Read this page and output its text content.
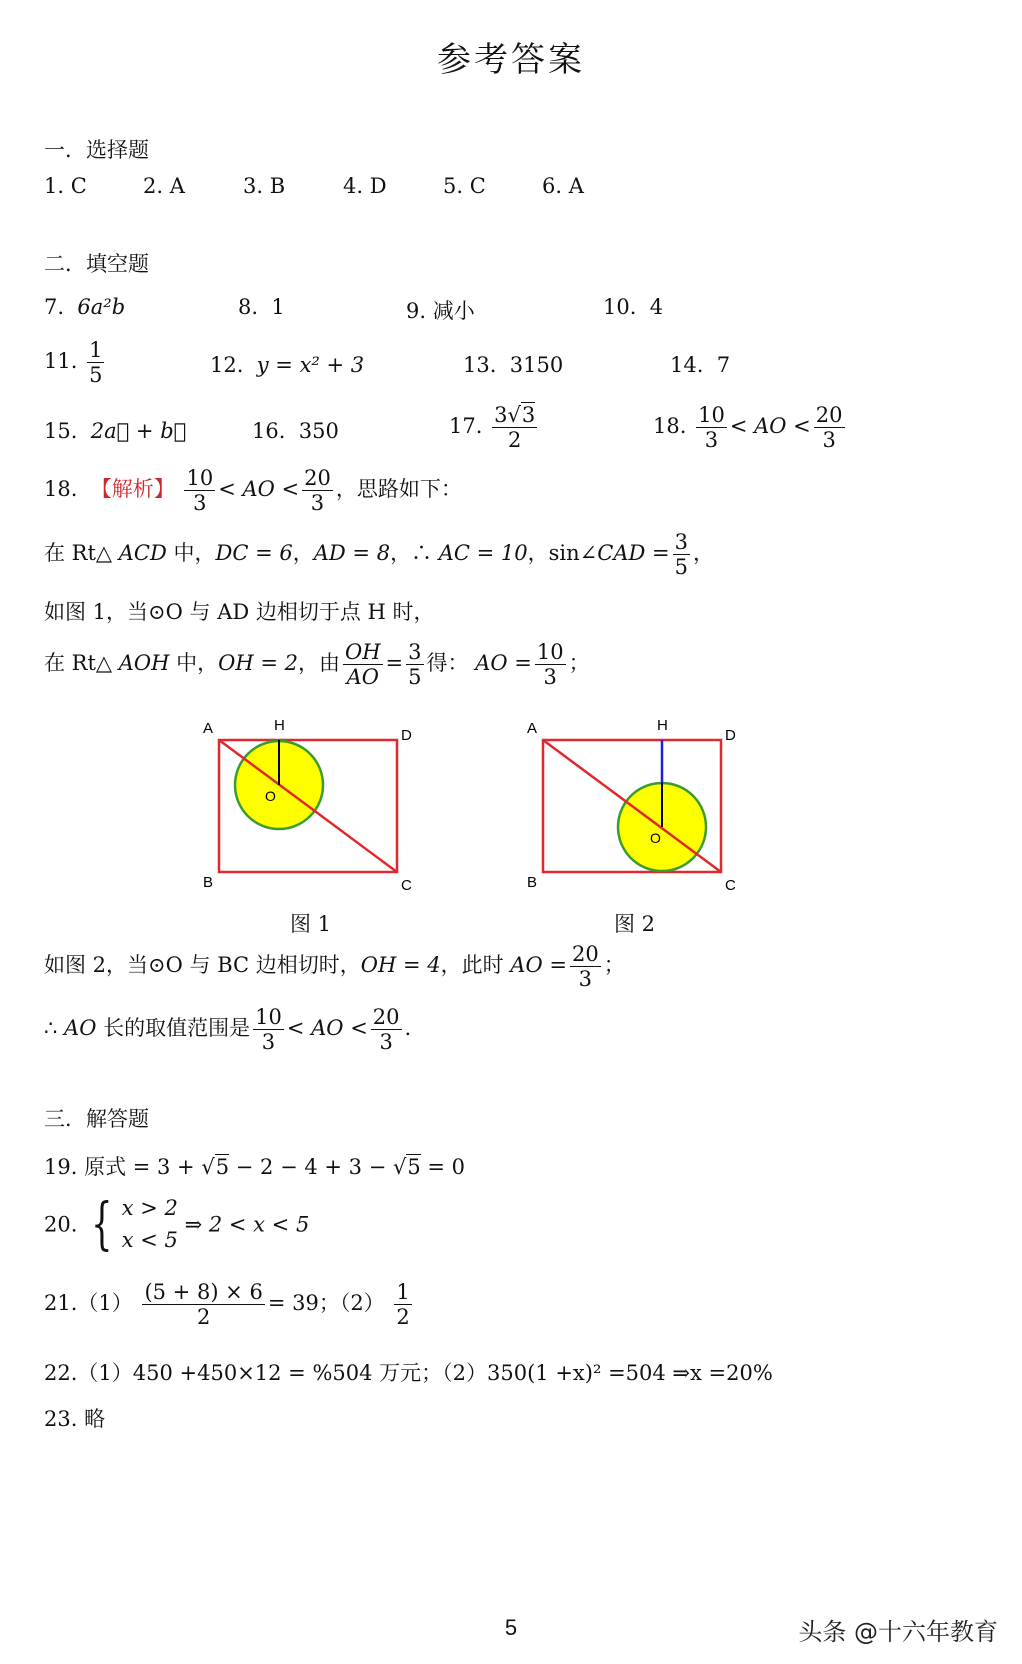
参考答案
一．选择题
1. C	2. A	3. B	4. D	5. C	6. A
二．填空题
7. 6a²b	8. 1	9. 减小	10. 4
11. $\frac{1}{5}$	12. y = x² + 3	13. 3150	14. 7
15. 2a⃗ + b⃗	16. 350	17. $\frac{3√3}{2}$	18. $\frac{10}{3}$ < AO < $\frac{20}{3}$
18. 【解析】 $\frac{10}{3}$ < AO < $\frac{20}{3}$ ，思路如下：
在 Rt△ ACD 中，DC = 6，AD = 8，∴ AC = 10，sin∠CAD = $\frac{3}{5}$ ，
如图 1，当⊙O 与 AD 边相切于点 H 时，
在 Rt△ AOH 中，OH = 2，由 $\frac{OH}{AO} = \frac{3}{5}$ 得： AO = $\frac{10}{3}$ ；
A	H
D
B	C
O
图 1
A	H
D
B	C
O
图 2
如图 2，当⊙O 与 BC 边相切时，OH = 4，此时 AO = $\frac{20}{3}$ ；
∴ AO 长的取值范围是 $\frac{10}{3}$ < AO < $\frac{20}{3}$ .
三．解答题
19. 原式 = 3 + √5 − 2 − 4 + 3 − √5 = 0
20. { x > 2
x < 5
⇒ 2 < x < 5
$21.(1) \frac{(5 + 8) \times 6}{2} = 39$；$(2) \frac{1}{2}$
22.（1）450 +450×12 = %504 万元；（2）350(1 +x)² =504 ⇒x =20%
23. 略
5	头条 @十六年教育
